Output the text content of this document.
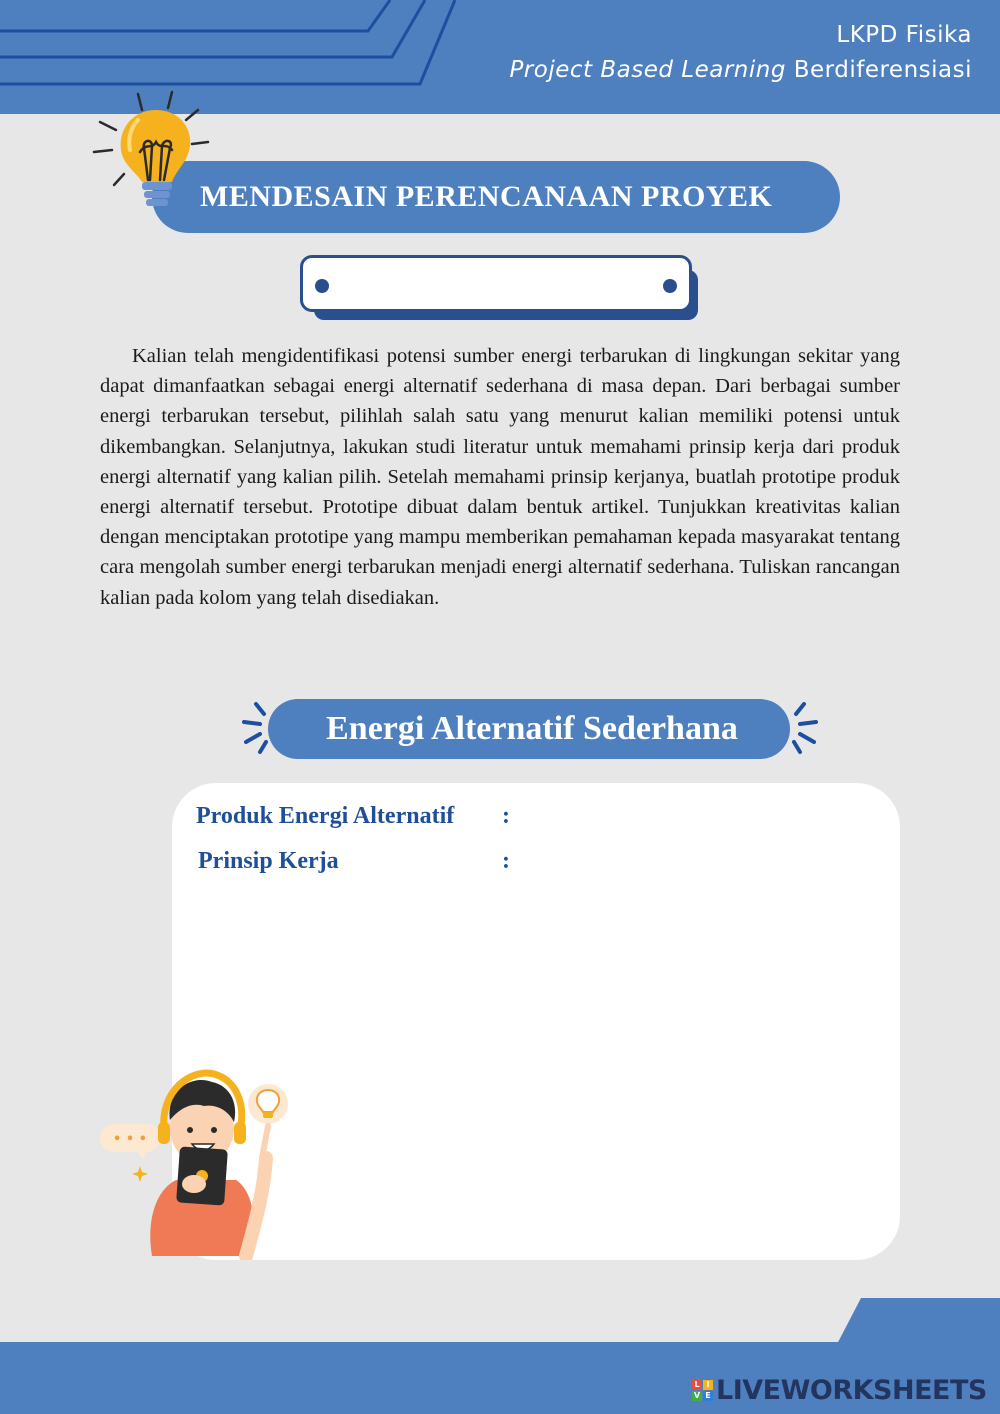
LKPD Fisika
Project Based Learning Berdiferensiasi
MENDESAIN PERENCANAAN PROYEK

Kalian telah mengidentifikasi potensi sumber energi terbarukan di lingkungan sekitar yang dapat dimanfaatkan sebagai energi alternatif sederhana di masa depan. Dari berbagai sumber energi terbarukan tersebut, pilihlah salah satu yang menurut kalian memiliki potensi untuk dikembangkan. Selanjutnya, lakukan studi literatur untuk memahami prinsip kerja dari produk energi alternatif yang kalian pilih. Setelah memahami prinsip kerjanya, buatlah prototipe produk energi alternatif tersebut. Prototipe dibuat dalam bentuk artikel. Tunjukkan kreativitas kalian dengan menciptakan prototipe yang mampu memberikan pemahaman kepada masyarakat tentang cara mengolah sumber energi terbarukan menjadi energi alternatif sederhana. Tuliskan rancangan kalian pada kolom yang telah disediakan.

Energi Alternatif Sederhana
Produk Energi Alternatif :
Prinsip Kerja	:
• • •
L I
V E LIVEWORKSHEETS
